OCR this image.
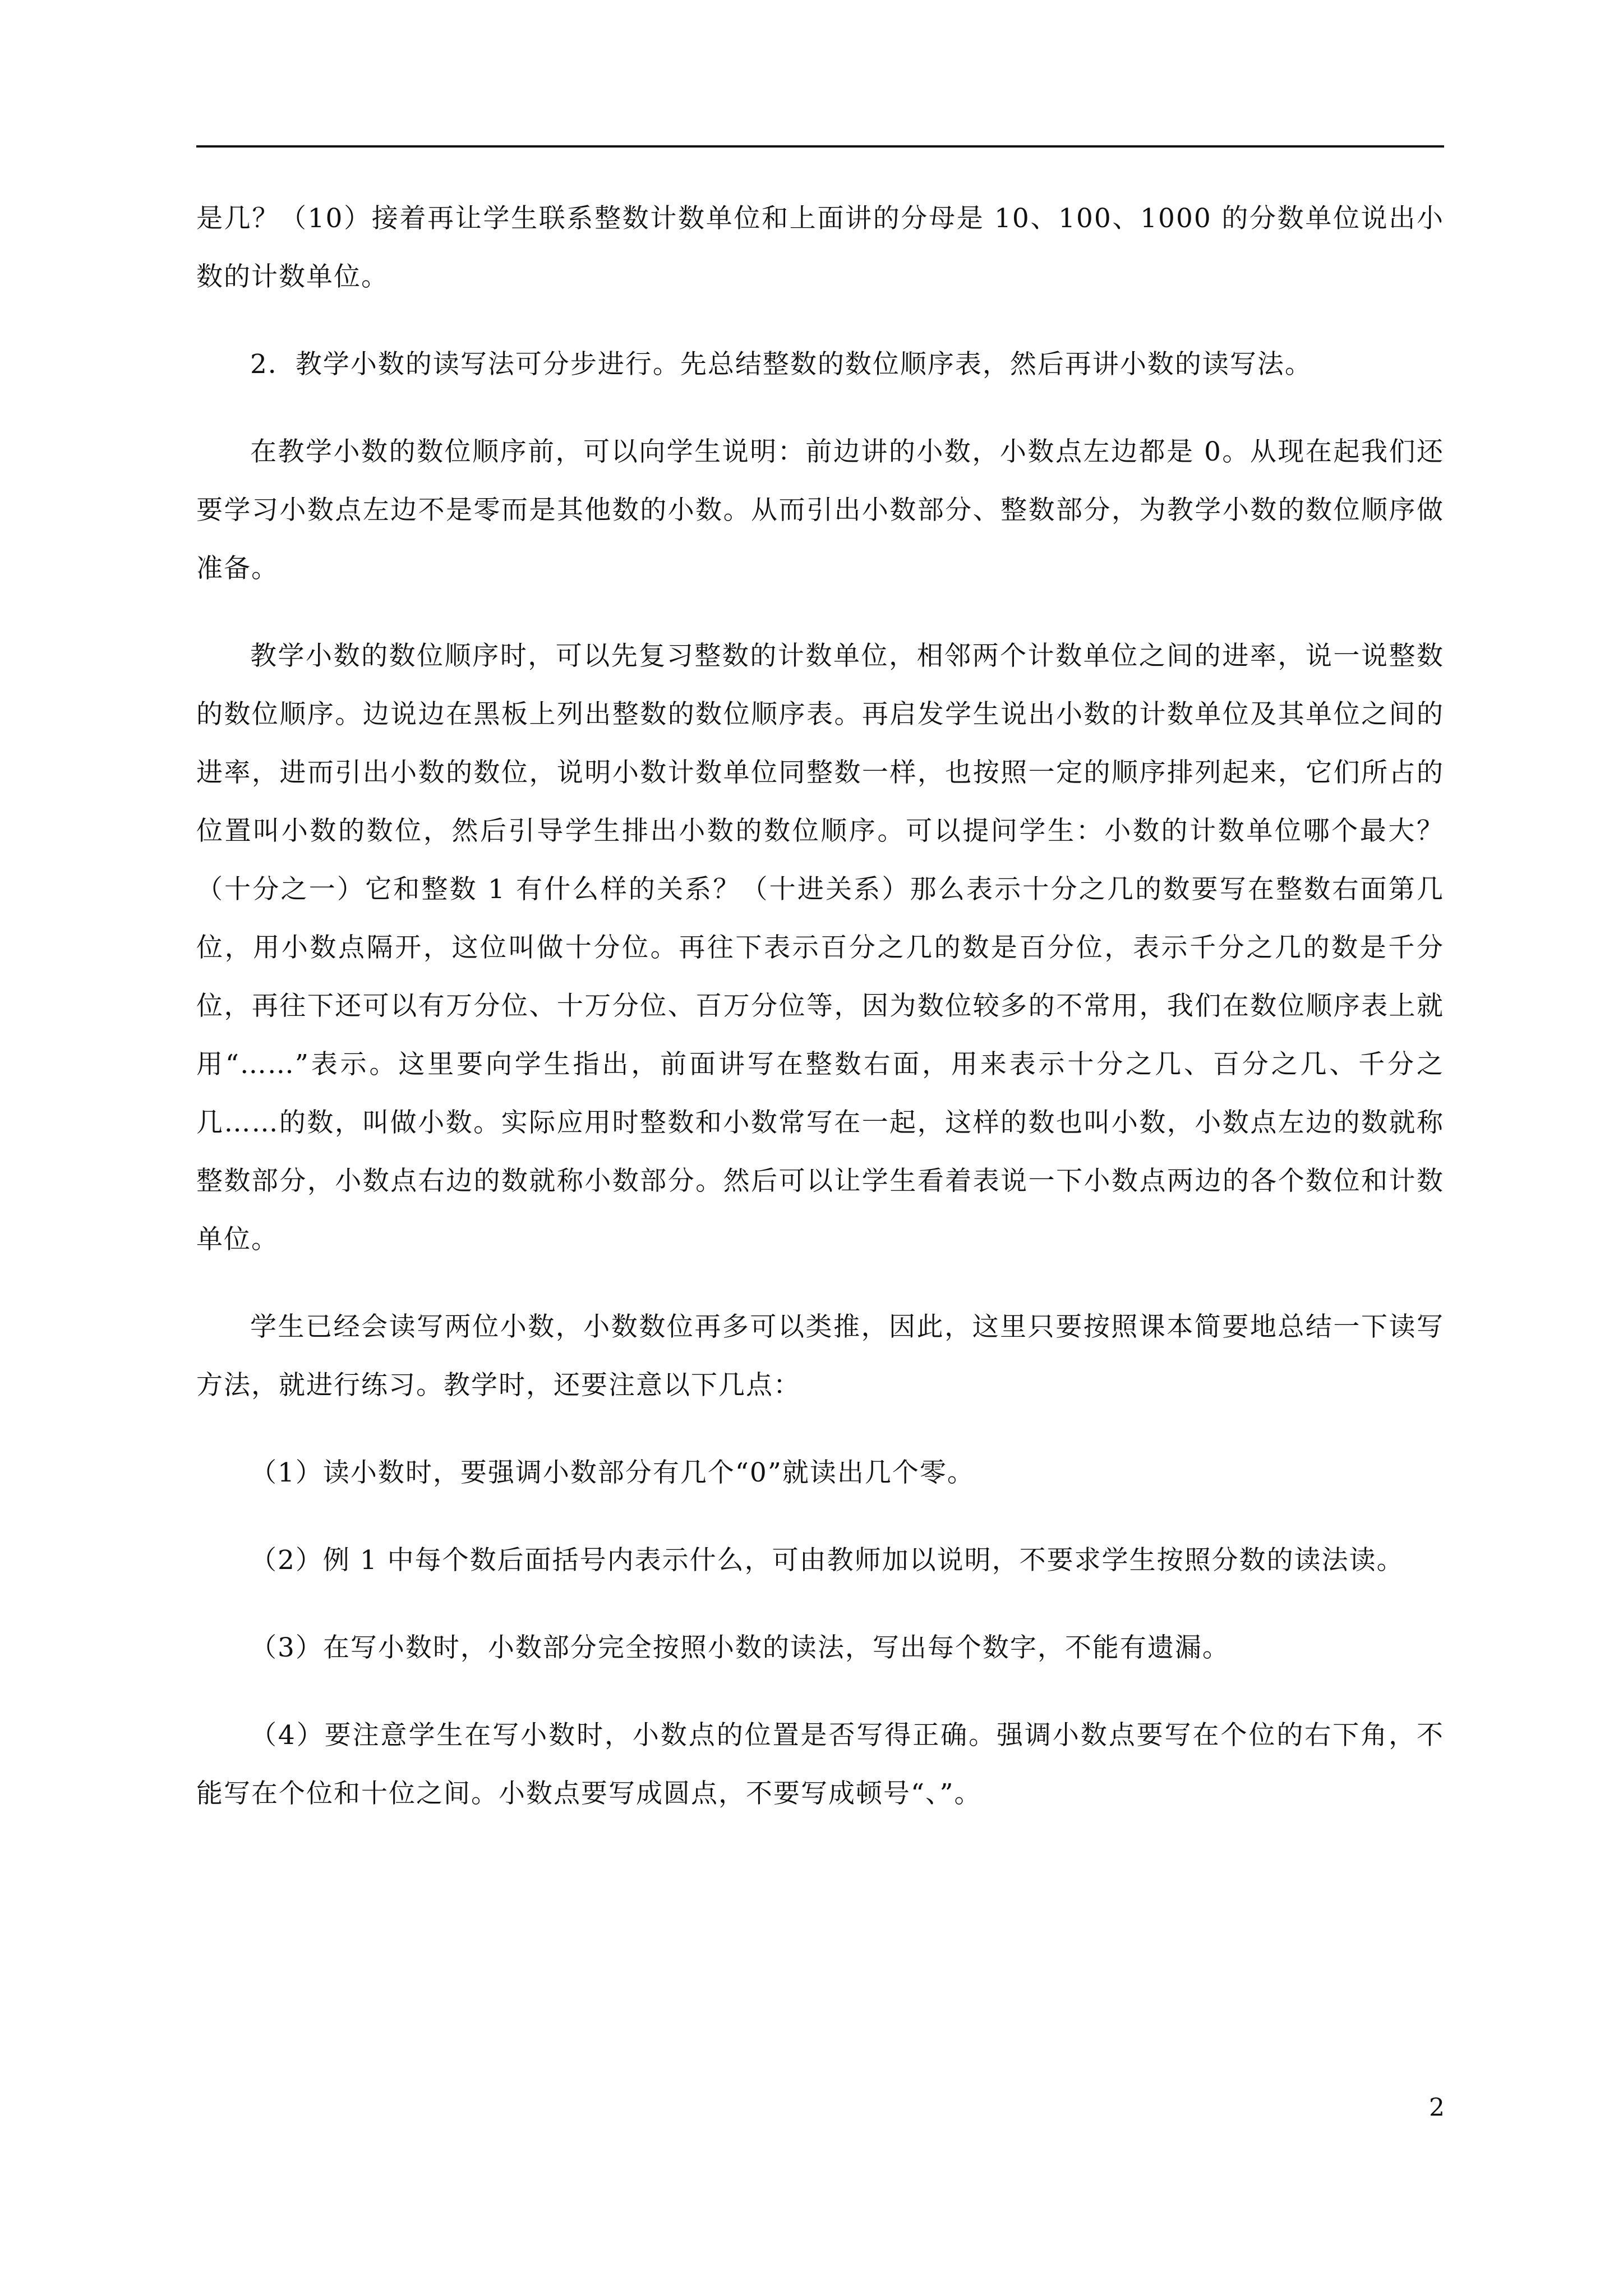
是几？（10）接着再让学生联系整数计数单位和上面讲的分母是 10、100、1000 的分数单位说出小数的计数单位。

2．教学小数的读写法可分步进行。先总结整数的数位顺序表，然后再讲小数的读写法。

在教学小数的数位顺序前，可以向学生说明：前边讲的小数，小数点左边都是 0。从现在起我们还要学习小数点左边不是零而是其他数的小数。从而引出小数部分、整数部分，为教学小数的数位顺序做准备。

教学小数的数位顺序时，可以先复习整数的计数单位，相邻两个计数单位之间的进率，说一说整数的数位顺序。边说边在黑板上列出整数的数位顺序表。再启发学生说出小数的计数单位及其单位之间的进率，进而引出小数的数位，说明小数计数单位同整数一样，也按照一定的顺序排列起来，它们所占的位置叫小数的数位，然后引导学生排出小数的数位顺序。可以提问学生：小数的计数单位哪个最大？（十分之一）它和整数 1 有什么样的关系？（十进关系）那么表示十分之几的数要写在整数右面第几位，用小数点隔开，这位叫做十分位。再往下表示百分之几的数是百分位，表示千分之几的数是千分位，再往下还可以有万分位、十万分位、百万分位等，因为数位较多的不常用，我们在数位顺序表上就用“……”表示。这里要向学生指出，前面讲写在整数右面，用来表示十分之几、百分之几、千分之几……的数，叫做小数。实际应用时整数和小数常写在一起，这样的数也叫小数，小数点左边的数就称整数部分，小数点右边的数就称小数部分。然后可以让学生看着表说一下小数点两边的各个数位和计数单位。

学生已经会读写两位小数，小数数位再多可以类推，因此，这里只要按照课本简要地总结一下读写方法，就进行练习。教学时，还要注意以下几点：

（1）读小数时，要强调小数部分有几个“0”就读出几个零。

（2）例 1 中每个数后面括号内表示什么，可由教师加以说明，不要求学生按照分数的读法读。

（3）在写小数时，小数部分完全按照小数的读法，写出每个数字，不能有遗漏。

（4）要注意学生在写小数时，小数点的位置是否写得正确。强调小数点要写在个位的右下角，不能写在个位和十位之间。小数点要写成圆点，不要写成顿号“、”。

2
